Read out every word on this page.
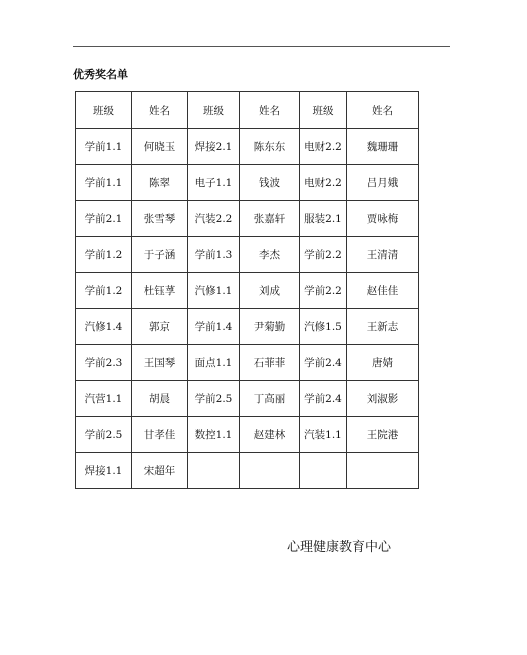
优秀奖名单
班级	姓名	班级	姓名	班级	姓名
学前1.1	何晓玉	焊接2.1	陈东东	电财2.2	魏珊珊
学前1.1	陈翠	电子1.1	钱波	电财2.2	吕月娥
学前2.1	张雪琴	汽装2.2	张嘉轩	服装2.1	贾咏梅
学前1.2	于子涵	学前1.3	李杰	学前2.2	王清清
学前1.2	杜钰莩	汽修1.1	刘成	学前2.2	赵佳佳
汽修1.4	郭京	学前1.4	尹菊勤	汽修1.5	王新志
学前2.3	王国琴	面点1.1	石菲菲	学前2.4	唐婧
汽营1.1	胡晨	学前2.5	丁高丽	学前2.4	刘淑影
学前2.5	甘孝佳	数控1.1	赵建林	汽装1.1	王院港
焊接1.1	宋超年				
心理健康教育中心
